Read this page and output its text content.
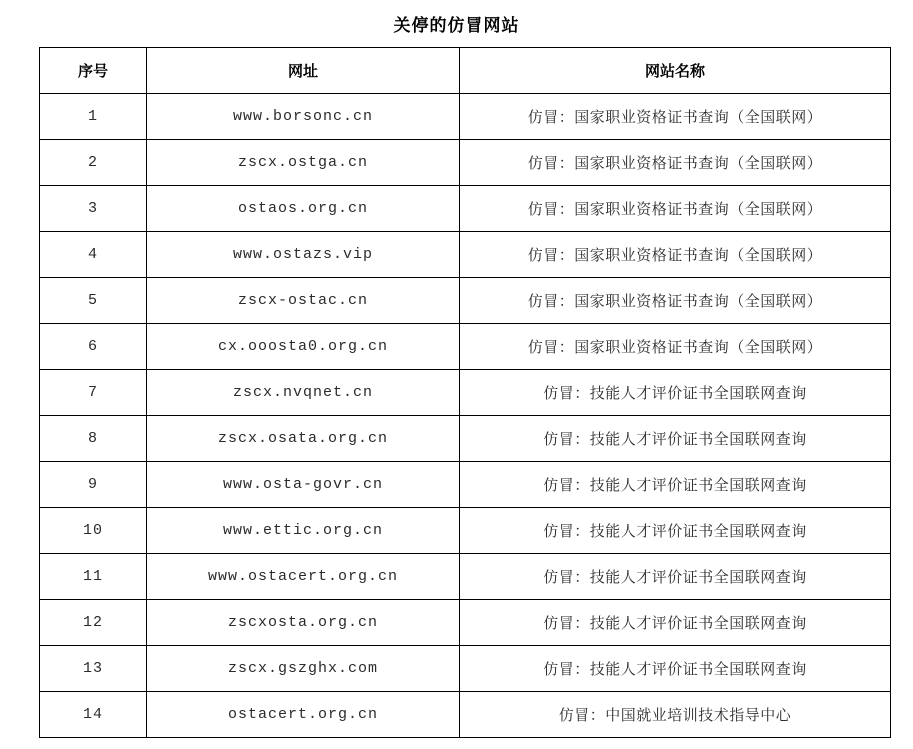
关停的仿冒网站
序号	网址	网站名称
1	www.borsonc.cn	仿冒：国家职业资格证书查询（全国联网）
2	zscx.ostga.cn	仿冒：国家职业资格证书查询（全国联网）
3	ostaos.org.cn	仿冒：国家职业资格证书查询（全国联网）
4	www.ostazs.vip	仿冒：国家职业资格证书查询（全国联网）
5	zscx-ostac.cn	仿冒：国家职业资格证书查询（全国联网）
6	cx.ooosta0.org.cn	仿冒：国家职业资格证书查询（全国联网）
7	zscx.nvqnet.cn	仿冒：技能人才评价证书全国联网查询
8	zscx.osata.org.cn	仿冒：技能人才评价证书全国联网查询
9	www.osta-govr.cn	仿冒：技能人才评价证书全国联网查询
10	www.ettic.org.cn	仿冒：技能人才评价证书全国联网查询
11	www.ostacert.org.cn	仿冒：技能人才评价证书全国联网查询
12	zscxosta.org.cn	仿冒：技能人才评价证书全国联网查询
13	zscx.gszghx.com	仿冒：技能人才评价证书全国联网查询
14	ostacert.org.cn	仿冒：中国就业培训技术指导中心
